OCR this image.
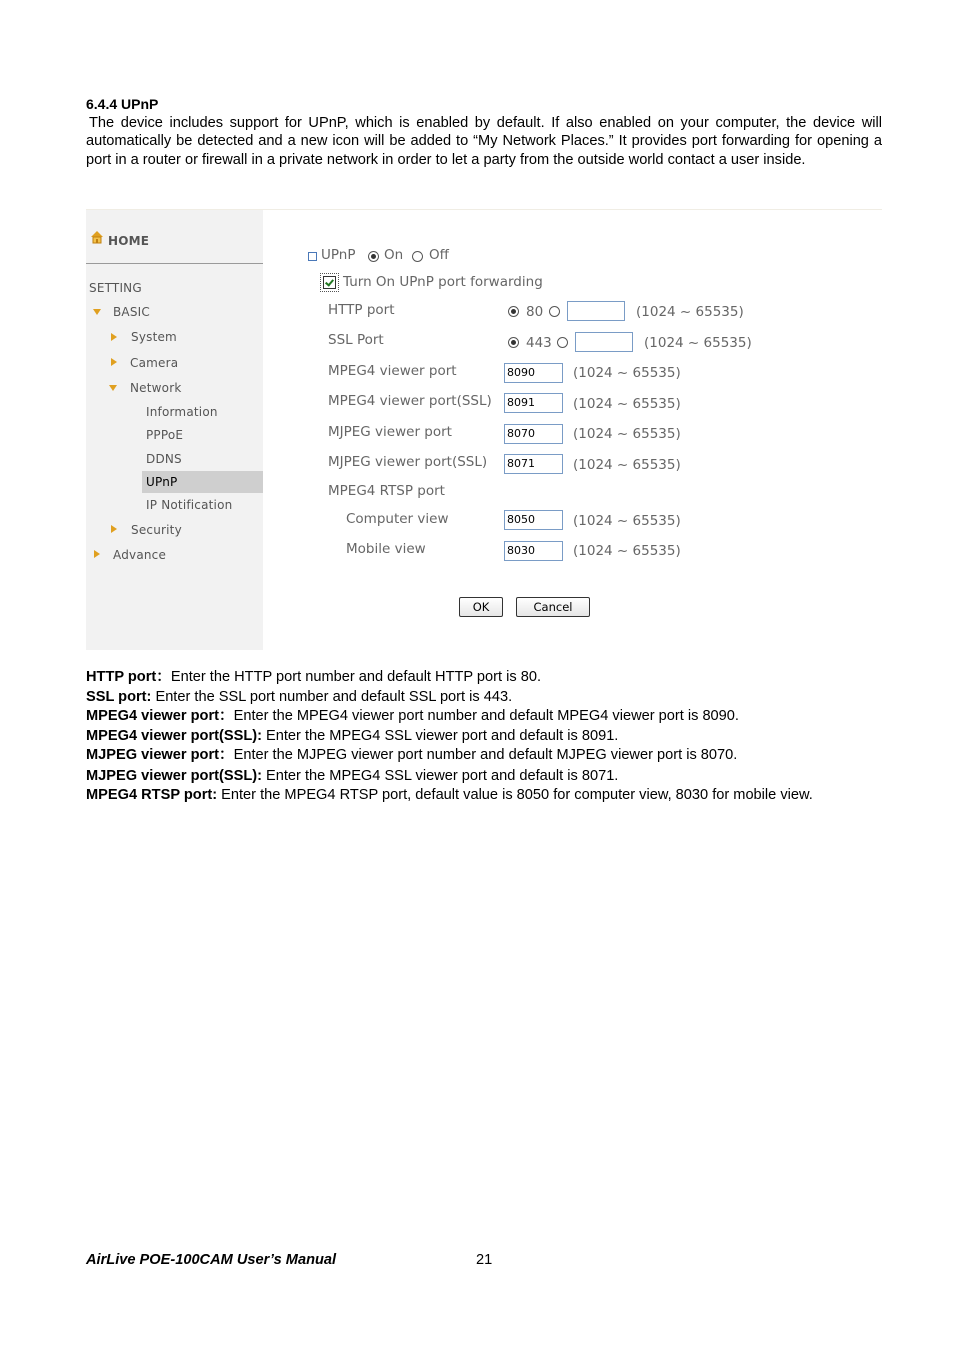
6.4.4 UPnP
The device includes support for UPnP, which is enabled by default. If also enabled on your computer, the device will automatically be detected and a new icon will be added to “My Network Places.” It provides port forwarding for opening a port in a router or firewall in a private network in order to let a party from the outside world contact a user inside.
HOME
SETTING
BASIC
System
Camera
Network
Information
PPPoE
DDNS
UPnP
IP Notification
Security
Advance
UPnP On Off
Turn On UPnP port forwarding
HTTP port	80	(1024 ~ 65535)
SSL Port	443	(1024 ~ 65535)
MPEG4 viewer port	8090	(1024 ~ 65535)
MPEG4 viewer port(SSL) 8091	(1024 ~ 65535)
MJPEG viewer port	8070	(1024 ~ 65535)
MJPEG viewer port(SSL) 8071	(1024 ~ 65535)
MPEG4 RTSP port
Computer view	8050	(1024 ~ 65535)
Mobile view	8030	(1024 ~ 65535)
OK	Cancel
HTTP port：Enter the HTTP port number and default HTTP port is 80.
SSL port: Enter the SSL port number and default SSL port is 443.
MPEG4 viewer port：Enter the MPEG4 viewer port number and default MPEG4 viewer port is 8090.
MPEG4 viewer port(SSL): Enter the MPEG4 SSL viewer port and default is 8091.
MJPEG viewer port：Enter the MJPEG viewer port number and default MJPEG viewer port is 8070.
MJPEG viewer port(SSL): Enter the MPEG4 SSL viewer port and default is 8071.
MPEG4 RTSP port: Enter the MPEG4 RTSP port, default value is 8050 for computer view, 8030 for mobile view.
AirLive POE-100CAM User’s Manual	21
